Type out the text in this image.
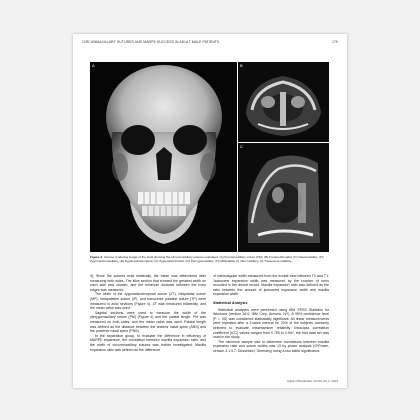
CIRCUMMAXILLARY SUTURES AND MARPE SUCCESS IN ADULT MALE PATIENTS	179
A	B
C
Figure 2. Volume rendering image of the skull showing the circummaxillary sutures evaluated. (A) Frontomaxillary suture (FM), (B) Frontoethmoidal, (C) Nasomaxillary, (D) Zygomaticomaxillary, (E) Zygomaticotemporal, (F) Zygomaticofrontal, (G) Pterygomaxillary, (H) Midpalatal, (I) Intermaxillary, (J) Transverse palatine.

4). Since the sutures exist bilaterally, the mean was determined after measuring both sides. The slice section that showed the greatest width on each side was chosen, and the minimum distance between the bony edges was measured.

The width of the zygomaticotemporal suture (ZT), midpalatal suture (MP), intrapalatine suture (IP), and transverse palatine suture (TP) were measured in axial sections (Figure 4). ZT was measured bilaterally, and the mean value was used.

Sagittal sections were used to measure the width of the pterygomaxillary suture (PM) (Figure 4) and the palatal length. PM was measured on both sides, and the mean value was used. Palatal length was defined as the distance between the anterior nasal spine (ANS) and the posterior nasal spine (PNS).

In the separation group, to evaluate the difference in efficiency of MARPE expansion, the correlation between maxilla expansion ratio, and the width of circummaxillary sutures was further investigated. Maxilla expansion ratio was defined as the difference

of intercoagular width measured from the frontal view between T0 and T1. Jackscrew expansion width was measured by the number of turns recorded in the dental record. Maxilla expansion ratio was defined as the ratio between the amount of jackscrew expansion width and maxilla expansion width.

Statistical Analysis

Statistical analyses were performed using IBM SPSS Statistics for Windows (version 26.0; IBM Corp, Armonk, NY). A 95% confidence level (P < .05) was considered statistically significant. All linear measurements were repeated after a 2-week interval for 20% of the subjects randomly selected to evaluate intraexaminer reliability. Intraclass correlation coefficient (ICC) values ranged from 0.755 to 0.967; the first data set was used in the study.

The minimum sample size to determine correlations between maxilla expansion ratio and suture widths was 13 by power analysis (G*Power, version 3.1.9.7; Düsseldorf, Germany) using a two-tailed significance

Angle Orthodontist, Vol 93, No 2, 2023
